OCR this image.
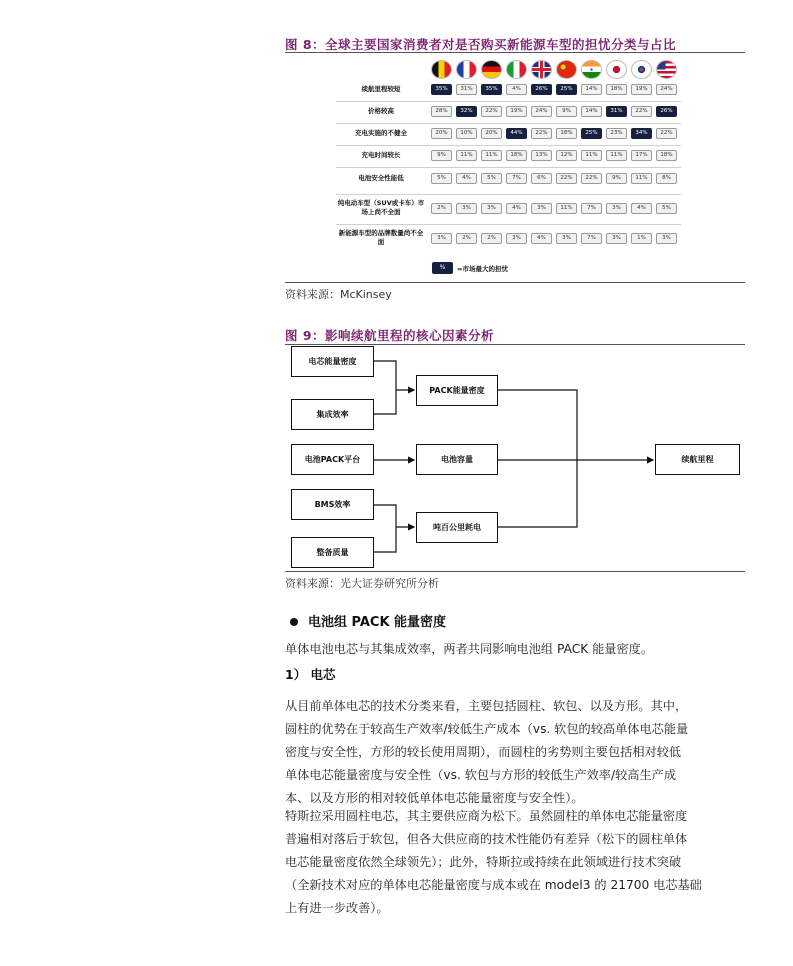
图 8：全球主要国家消费者对是否购买新能源车型的担忧分类与占比
续航里程较短	35%	31%	35%	4%	26%	25%	14%	18%	19%	24%
价格较高	28%	32%	22%	19%	24%	9%	14%	31%	22%	26%
充电实施的不健全	20%	10%	20%	44%	22%	18%	25%	23%	34%	22%
充电时间较长	9%	11%	11%	18%	13%	12%	11%	11%	17%	18%
电池安全性能低	5%	4%	5%	7%	6%	22%	22%	9%	11%	8%
纯电动车型（SUV或卡车）市场上尚不全面	2%	3%	3%	4%	3%	11%	7%	3%	4%	5%
新能源车型的品牌数量尚不全面	3%	2%	2%	3%	4%	3%	7%	3%	1%	3%
%	=市场最大的担忧
资料来源：McKinsey
图 9：影响续航里程的核心因素分析
电芯能量密度
集成效率
电池PACK平台
BMS效率
整备质量
PACK能量密度
电池容量
吨百公里耗电
续航里程
资料来源：光大证券研究所分析
电池组 PACK 能量密度
单体电池电芯与其集成效率，两者共同影响电池组 PACK 能量密度。
1） 电芯
从目前单体电芯的技术分类来看，主要包括圆柱、软包、以及方形。其中，
圆柱的优势在于较高生产效率/较低生产成本（vs. 软包的较高单体电芯能量
密度与安全性，方形的较长使用周期），而圆柱的劣势则主要包括相对较低
单体电芯能量密度与安全性（vs. 软包与方形的较低生产效率/较高生产成
本、以及方形的相对较低单体电芯能量密度与安全性）。
特斯拉采用圆柱电芯，其主要供应商为松下。虽然圆柱的单体电芯能量密度
普遍相对落后于软包，但各大供应商的技术性能仍有差异（松下的圆柱单体
电芯能量密度依然全球领先）；此外，特斯拉或持续在此领域进行技术突破
（全新技术对应的单体电芯能量密度与成本或在 model3 的 21700 电芯基础
上有进一步改善）。
